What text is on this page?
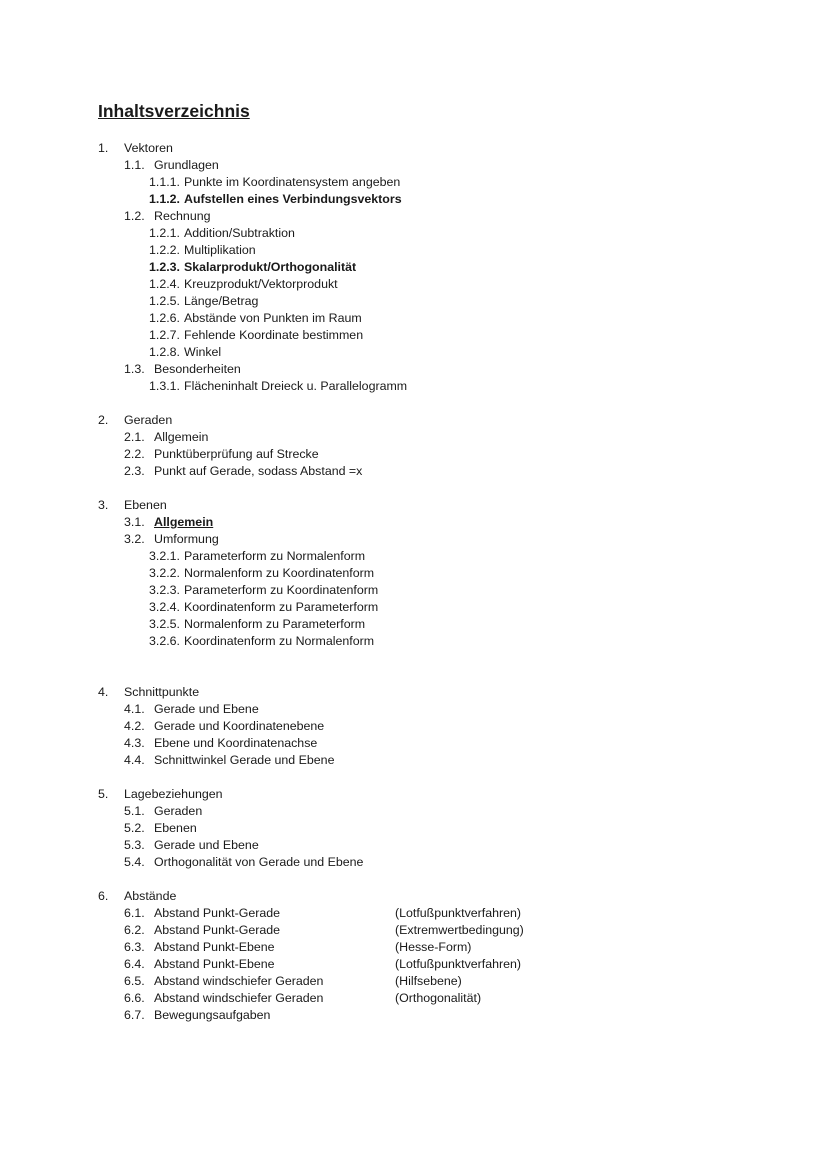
Inhaltsverzeichnis
1. Vektoren
1.1. Grundlagen
1.1.1. Punkte im Koordinatensystem angeben
1.1.2. Aufstellen eines Verbindungsvektors
1.2. Rechnung
1.2.1. Addition/Subtraktion
1.2.2. Multiplikation
1.2.3. Skalarprodukt/Orthogonalität
1.2.4. Kreuzprodukt/Vektorprodukt
1.2.5. Länge/Betrag
1.2.6. Abstände von Punkten im Raum
1.2.7. Fehlende Koordinate bestimmen
1.2.8. Winkel
1.3. Besonderheiten
1.3.1. Flächeninhalt Dreieck u. Parallelogramm
2. Geraden
2.1. Allgemein
2.2. Punktüberprüfung auf Strecke
2.3. Punkt auf Gerade, sodass Abstand =x
3. Ebenen
3.1. Allgemein
3.2. Umformung
3.2.1. Parameterform zu Normalenform
3.2.2. Normalenform zu Koordinatenform
3.2.3. Parameterform zu Koordinatenform
3.2.4. Koordinatenform zu Parameterform
3.2.5. Normalenform zu Parameterform
3.2.6. Koordinatenform zu Normalenform
4. Schnittpunkte
4.1. Gerade und Ebene
4.2. Gerade und Koordinatenebene
4.3. Ebene und Koordinatenachse
4.4. Schnittwinkel Gerade und Ebene
5. Lagebeziehungen
5.1. Geraden
5.2. Ebenen
5.3. Gerade und Ebene
5.4. Orthogonalität von Gerade und Ebene
6. Abstände
6.1. Abstand Punkt-Gerade	(Lotfußpunktverfahren)
6.2. Abstand Punkt-Gerade	(Extremwertbedingung)
6.3. Abstand Punkt-Ebene	(Hesse-Form)
6.4. Abstand Punkt-Ebene	(Lotfußpunktverfahren)
6.5. Abstand windschiefer Geraden	(Hilfsebene)
6.6. Abstand windschiefer Geraden	(Orthogonalität)
6.7. Bewegungsaufgaben
